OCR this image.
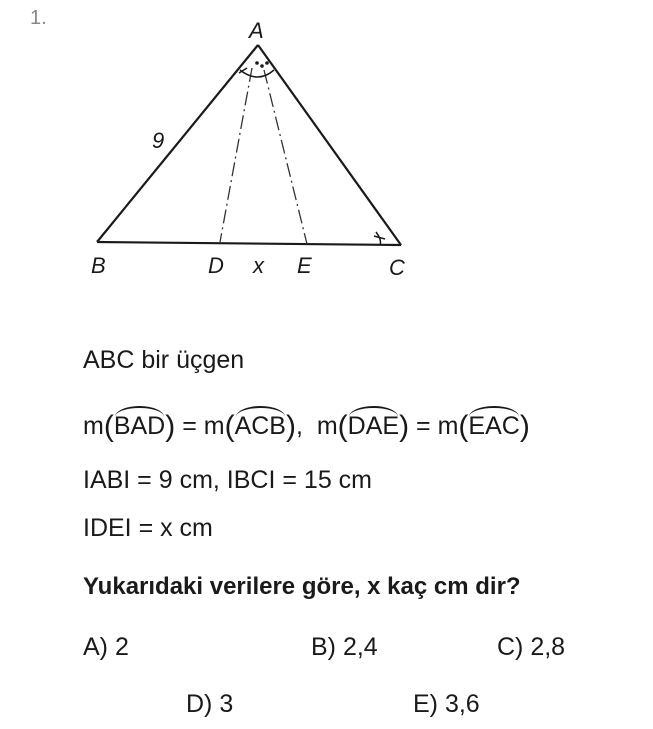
1.	A
B	C
D	E
9
x
ABC bir üçgen
m(BAD) = m(ACB), m(DAE) = m(EAC)
IABI = 9 cm, IBCI = 15 cm
IDEI = x cm
Yukarıdaki verilere göre, x kaç cm dir?
A) 2	B) 2,4	C) 2,8
D) 3	E) 3,6
